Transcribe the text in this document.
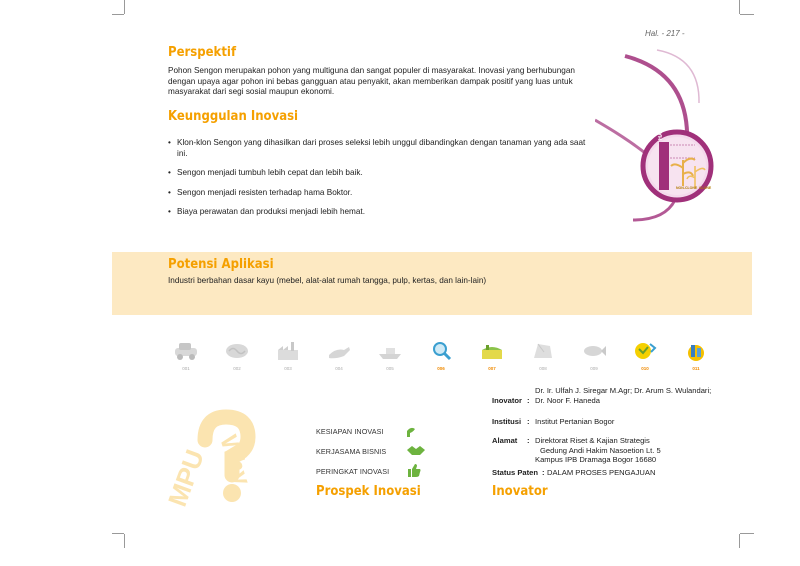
Hal. - 217 -
Perspektif
Pohon Sengon merupakan pohon yang multiguna dan sangat populer di masyarakat. Inovasi yang berhubungan
dengan upaya agar pohon ini bebas gangguan atau penyakit, akan memberikan dampak positif yang luas untuk
masyarakat dari segi sosial maupun ekonomi.
Keunggulan Inovasi
• Klon-klon Sengon yang dihasilkan dari proses seleksi lebih unggul dibandingkan dengan tanaman yang ada saat ini.
• Sengon menjadi tumbuh lebih cepat dan lebih baik.
• Sengon menjadi resisten terhadap hama Boktor.
• Biaya perawatan dan produksi menjadi lebih hemat.
HAMA BOKTOR
NON-CLONE CLONE
Potensi Aplikasi
Industri berbahan dasar kayu (mebel, alat-alat rumah tangga, pulp, kertas, dan lain-lain)
001	002	003	004	005	006	007	008	009	010	011
MPU Why
KESIAPAN INOVASI
KERJASAMA BISNIS
PERINGKAT INOVASI
Prospek Inovasi
Dr. Ir. Ulfah J. Siregar M.Agr; Dr. Arum S. Wulandari;
Inovator : Dr. Noor F. Haneda
Institusi : Institut Pertanian Bogor
Alamat : Direktorat Riset & Kajian Strategis
Gedung Andi Hakim Nasoetion Lt. 5
Kampus IPB Dramaga Bogor 16680
Status Paten : DALAM PROSES PENGAJUAN
Inovator
